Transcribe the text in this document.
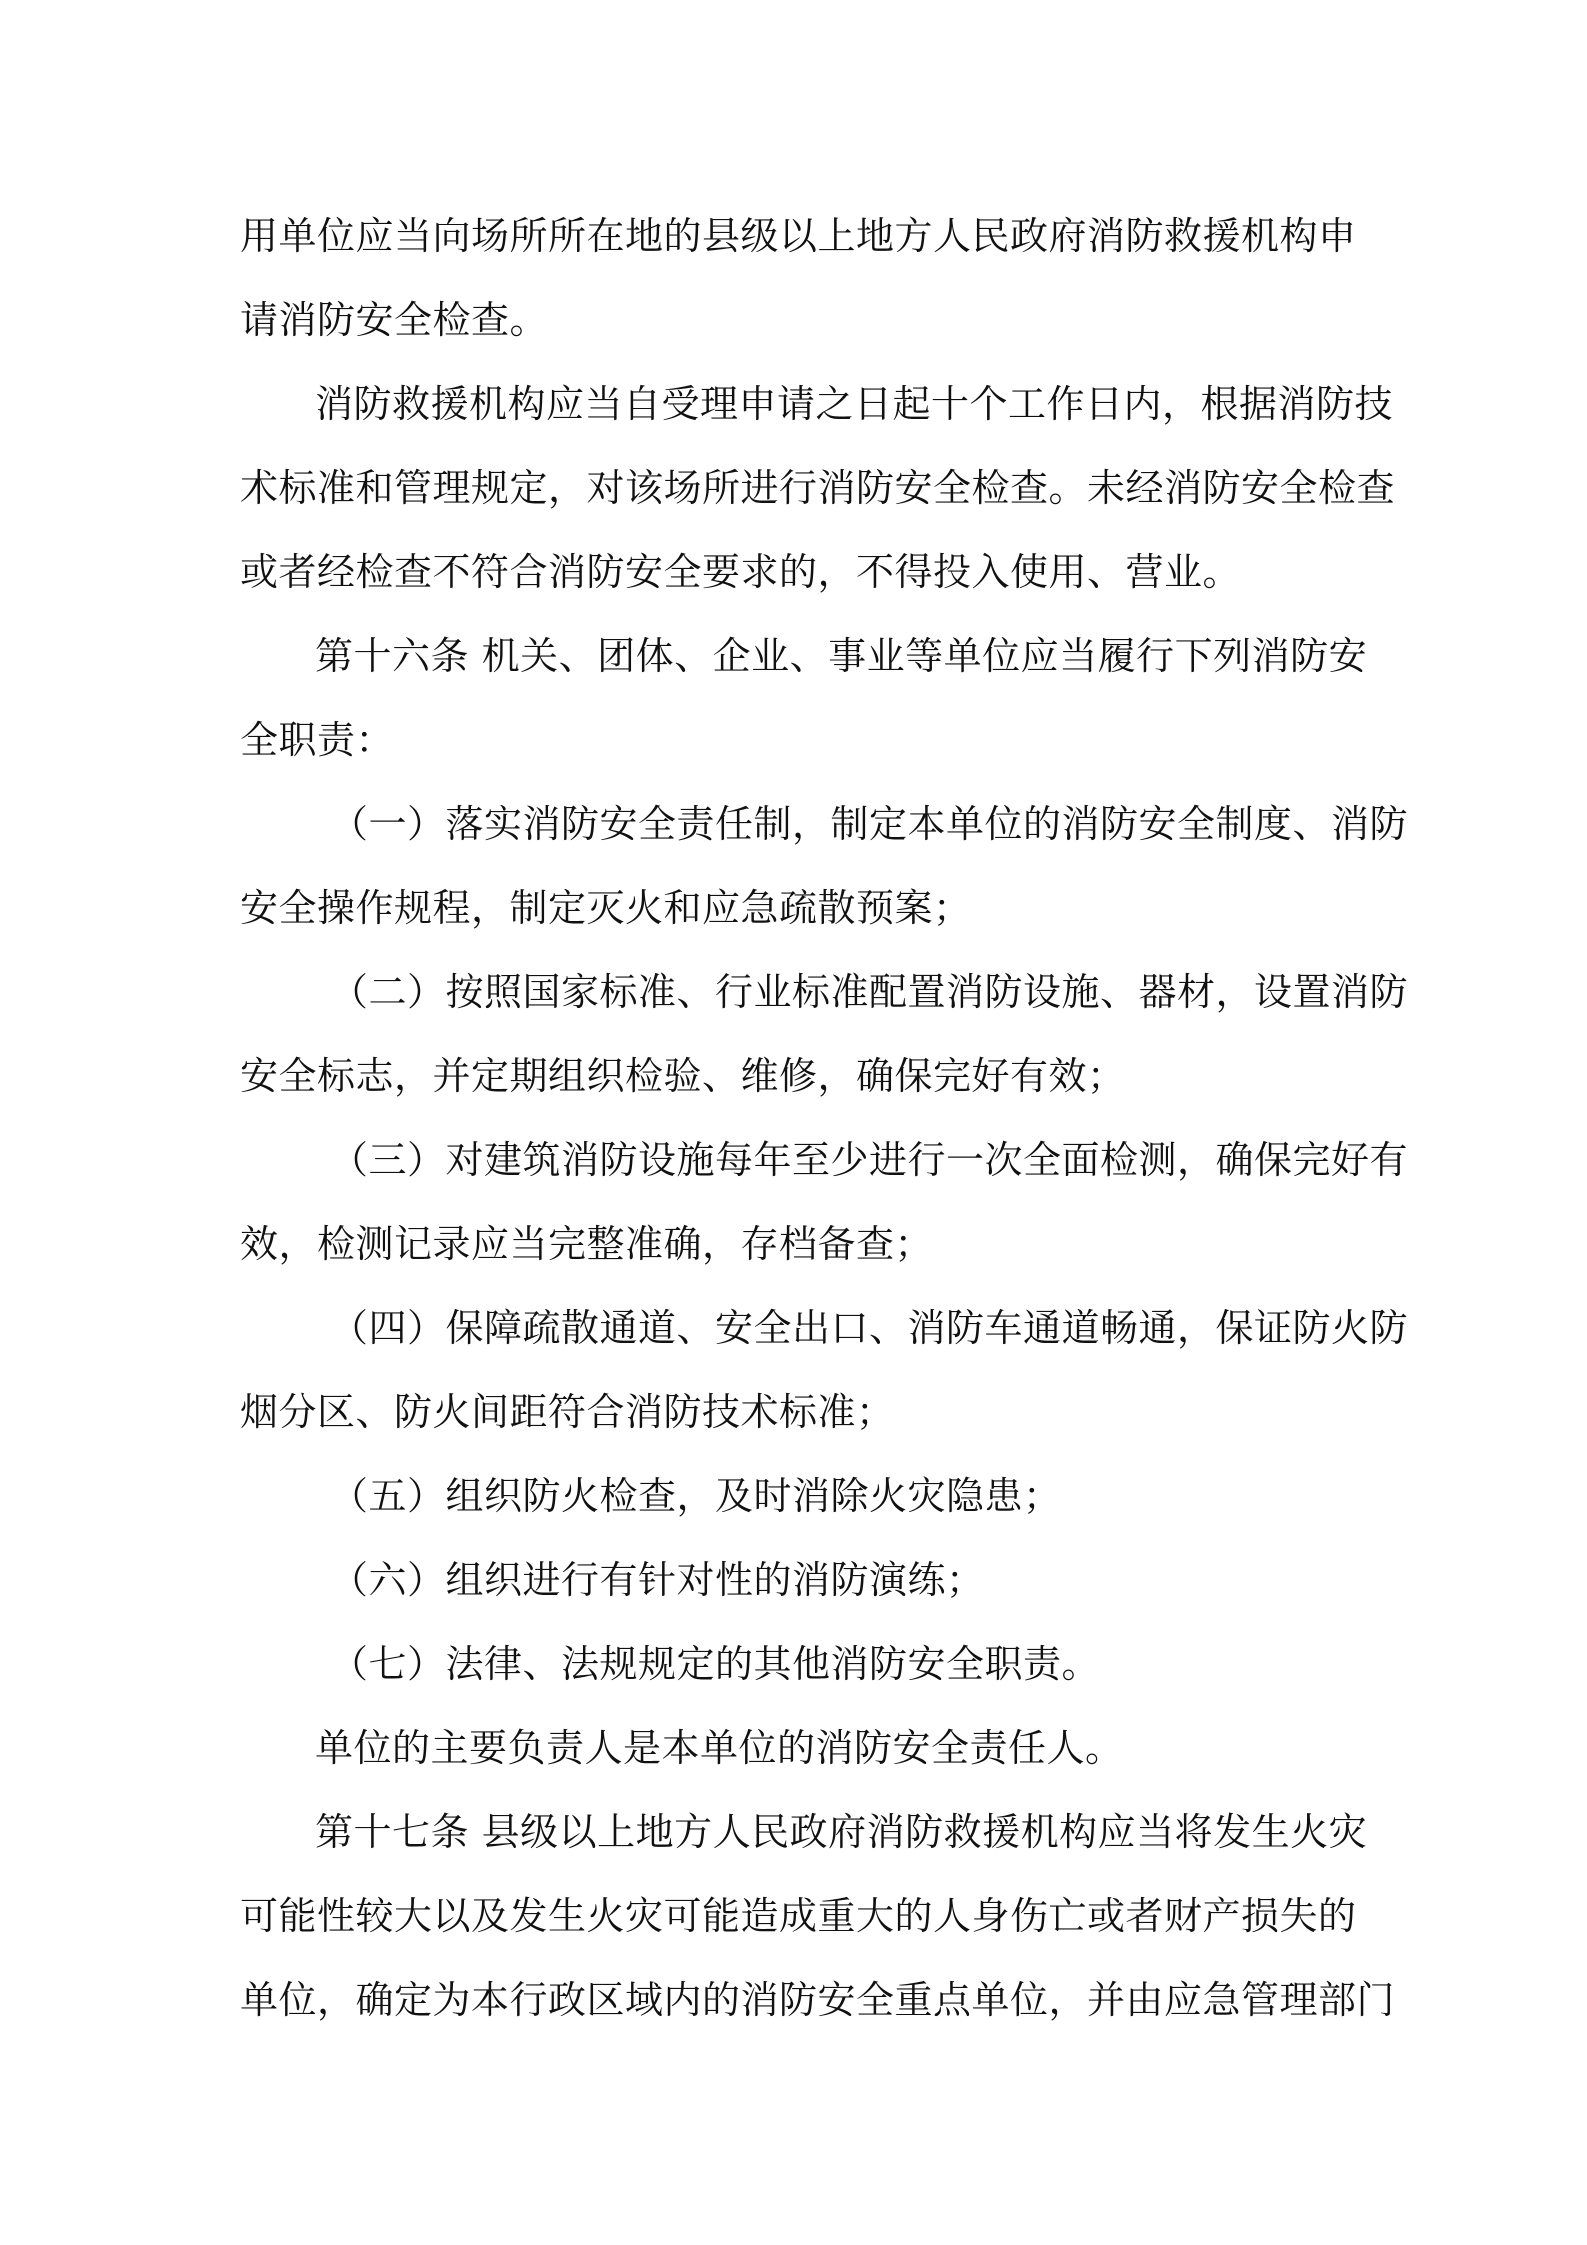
用单位应当向场所所在地的县级以上地方人民政府消防救援机构申

请消防安全检查。

消防救援机构应当自受理申请之日起十个工作日内，根据消防技

术标准和管理规定，对该场所进行消防安全检查。未经消防安全检查

或者经检查不符合消防安全要求的，不得投入使用、营业。

第十六条 机关、团体、企业、事业等单位应当履行下列消防安

全职责：

（一）落实消防安全责任制，制定本单位的消防安全制度、消防

安全操作规程，制定灭火和应急疏散预案；

（二）按照国家标准、行业标准配置消防设施、器材，设置消防

安全标志，并定期组织检验、维修，确保完好有效；

（三）对建筑消防设施每年至少进行一次全面检测，确保完好有

效，检测记录应当完整准确，存档备查；

（四）保障疏散通道、安全出口、消防车通道畅通，保证防火防

烟分区、防火间距符合消防技术标准；

（五）组织防火检查，及时消除火灾隐患；

（六）组织进行有针对性的消防演练；

（七）法律、法规规定的其他消防安全职责。

单位的主要负责人是本单位的消防安全责任人。

第十七条 县级以上地方人民政府消防救援机构应当将发生火灾

可能性较大以及发生火灾可能造成重大的人身伤亡或者财产损失的

单位，确定为本行政区域内的消防安全重点单位，并由应急管理部门
